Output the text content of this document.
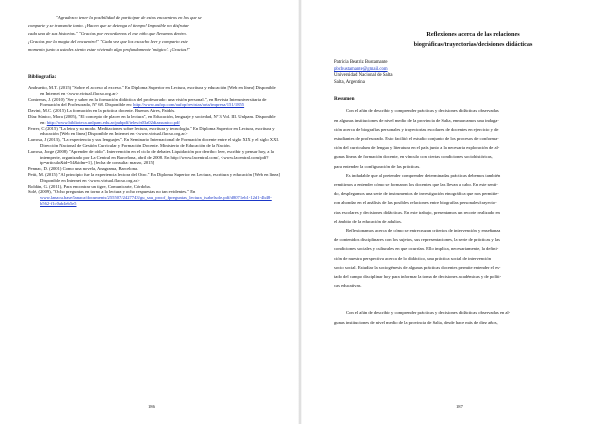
"Agradezco tener la posibilidad de participar de estos encuentros en los que se
comparte y se transmite tanto. ¡Hacen que se detenga el tiempo! Imposible no disfrutar
cada una de sus historias." "Gracias por recordarnos el ese niño que llevamos dentro.
¡Gracias por la magia del encuentro!" "Cada vez que los escucho leer y comparto este
momento junto a ustedes siento estar viviendo algo profundamente 'mágico'. ¡Gracias!"

Bibliografía:
Andruetto, M.T. (2015) "Sobre el acceso al exceso." En Diploma Superior en Lectura, escritura y educación [Web en línea] Disponible en Internet en <www.virtual.flacso.org.ar>
Contreras, J. (2010) "Ser y saber en la formación didáctica del profesorado: una visión personal.", en Revista Interuniversitaria de Formación del Profesorado, Nº 68. Disponible en: http://www.aufop.com/aufop/revistas/arta/impresa/151/1855
Davini, M.C. (2015) La formación en la práctica docente. Buenos Aires, Paidós.
Díaz Súnico, Mora (2005), "El concepto de placer en la lectura", en Educación, lenguaje y sociedad, Nº 3 Vol. III. Unlpam. Disponible en: http://www.biblioteca.unlpam.edu.ar/pubpdf/ieles/n03a02diazsunico.pdf
Ferrer, C (2015) "La letra y su modo. Meditaciones sobre lectura, escritura y tecnología." En Diploma Superior en Lectura, escritura y educación [Web en línea] Disponible en Internet en <www.virtual.flacso.org.ar>
Larrosa, J (2013), "La experiencia y sus lenguajes". En Seminario Internacional de Formación docente entre el siglo XIX y el siglo XXI. Dirección Nacional de Gestión Curricular y Formación Docente. Ministerio de Educación de la Nación.
Larrosa, Jorge (2008) "Aprender de oído". Intervención en el ciclo de debates Liquidación por derribo: leer, escribir y pensar hoy, a la intemperie, organizado por La Central en Barcelona, abril de 2008. En http://www.lacentral.com/, <www.lacentral.com/pdf?tp=articulo&id=54&idm=1], [fecha de consulta: marzo, 2015]
Pennac, D. (2001) Como una novela, Anagrama, Barcelona.
Petit, M. (2015) "Al principio fue la experiencia lectora del Otro." En Diploma Superior en Lectura, escritura y educación [Web en línea] Disponible en Internet en <www.virtual.flacso.org.ar>
Roldán, G. (2011), Para encontrar un tigre, Comunicarte, Córdoba.
Solé, (2009), "Ocho preguntas en torno a la lectura y ocho respuestas no tan evidentes." En www.lanacu.base/lanaca/documents/255507/2427743/gu_sau_proof_fpreguntas_lectura_isabelsole.pdf/d8071eb1-12d1-4b48-b562-f1c0ab4eb5e5
186
Reflexiones acerca de las relaciones
biográficas/trayectorias/decisiones didácticas
Patricia Beatriz Bustamante
pbcbustamante@gmail.com
Universidad Nacional de Salta
Salta, Argentina
Resumen

Con el afán de describir y comprender prácticas y decisiones didácticas observadas
en algunas instituciones de nivel medio de la provincia de Salta, enmarcamos una indaga-
ción acerca de biografías personales y trayectorias escolares de docentes en ejercicio y de
estudiantes de profesorado. Esto facilitó el estudio conjunto de los procesos de conforma-
ción del curriculum de lengua y literatura en el país junto a la necesaria exploración de al-
gunas líneas de formación docente, en vínculo con ciertas condiciones sociohistóricas,
para entender la configuración de las prácticas.

Es indudable que al pretender comprender determinadas prácticas debemos también
remitirnos a entender cómo se formaron los docentes que las llevan a cabo. En este senti-
do, desplegamos una serie de instrumentos de investigación etnográfica que nos permitie-
ron ahondar en el análisis de las posibles relaciones entre biografías personales/trayecto-
rias escolares y decisiones didácticas. En este trabajo, presentamos un recorte realizado en
el ámbito de la educación de adultos.

Reflexionamos acerca de cómo se entrecruzan criterios de intervención y enseñanza
de contenidos disciplinares con los sujetos, sus representaciones, la serie de prácticas y las
condiciones sociales y culturales en que ocurrían. Ello implica, necesariamente, la defini-
ción de nuestra perspectiva acerca de lo didáctico, una práctica social de intervención
socio social. Estudiar la sociogénesis de algunas prácticas docentes permite entender el es-
tado del campo disciplinar hoy para informar la toma de decisiones académicas y de políti-
cas educativas.

Con el afán de describir y comprender prácticas y decisiones didácticas observadas en al-
gunas instituciones de nivel medio de la provincia de Salta, desde hace más de diez años,

187
